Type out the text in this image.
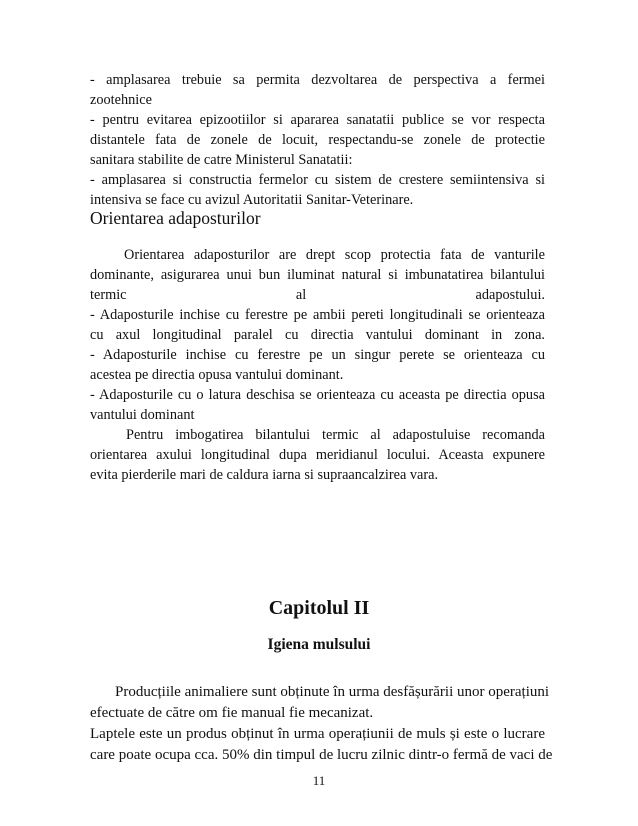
- amplasarea trebuie sa permita dezvoltarea de perspectiva a fermei
zootehnice
- pentru evitarea epizootiilor si apararea sanatatii publice se vor respecta
distantele fata de zonele de locuit, respectandu-se zonele de protectie
sanitara stabilite de catre Ministerul Sanatatii:
- amplasarea si constructia fermelor cu sistem de crestere semiintensiva si
intensiva se face cu avizul Autoritatii Sanitar-Veterinare.
Orientarea adaposturilor
Orientarea adaposturilor are drept scop protectia fata de vanturile
dominante, asigurarea unui bun iluminat natural si imbunatatirea bilantului
termic al adapostului.
- Adaposturile inchise cu ferestre pe ambii pereti longitudinali se orienteaza
cu axul longitudinal paralel cu directia vantului dominant in zona.
- Adaposturile inchise cu ferestre pe un singur perete se orienteaza cu
acestea pe directia opusa vantului dominant.
- Adaposturile cu o latura deschisa se orienteaza cu aceasta pe directia opusa
vantului dominant
Pentru imbogatirea bilantului termic al adapostuluise recomanda
orientarea axului longitudinal dupa meridianul locului. Aceasta expunere
evita pierderile mari de caldura iarna si supraancalzirea vara.
Capitolul II
Igiena mulsului
Producțiile animaliere sunt obținute în urma desfășurării unor operațiuni
efectuate de către om fie manual fie mecanizat.
Laptele este un produs obținut în urma operațiunii de muls și este o lucrare
care poate ocupa cca. 50% din timpul de lucru zilnic dintr-o fermă de vaci de
11
